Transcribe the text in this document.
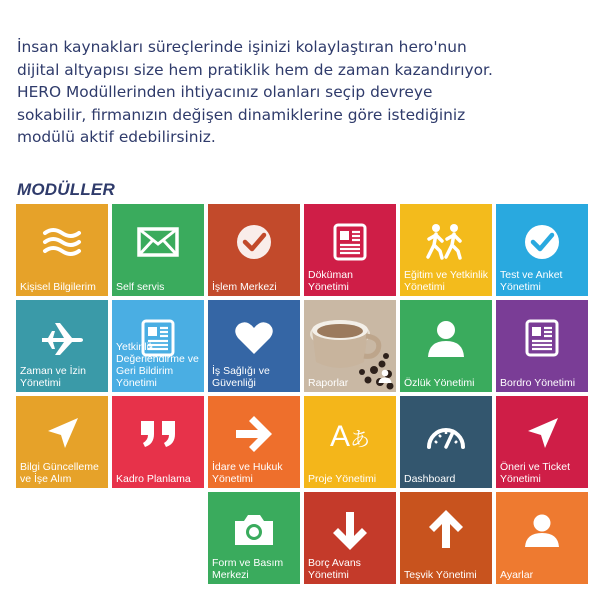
İnsan kaynakları süreçlerinde işinizi kolaylaştıran hero'nun
dijital altyapısı size hem pratiklik hem de zaman kazandırıyor.
HERO Modüllerinden ihtiyacınız olanları seçip devreye
sokabilir, firmanızın değişen dinamiklerine göre istediğiniz
modülü aktif edebilirsiniz.

MODÜLLER
Kişisel Bilgilerim	Self servis	İşlem Merkezi
Döküman Yönetimi
Eğitim ve Yetkinlik Yönetimi
Test ve Anket Yönetimi
Zaman ve İzin Yönetimi
Yetkinlik Değerlendirme ve Geri Bildirim Yönetimi
İş Sağlığı ve Güvenliği	Raporlar	Özlük Yönetimi	Bordro Yönetimi
Bilgi Güncelleme ve İşe Alım	Kadro Planlama
İdare ve Hukuk Yönetimi
A あ
Proje Yönetimi	Dashboard
Öneri ve Ticket Yönetimi
Form ve Basım Merkezi
Borç Avans Yönetimi	Teşvik Yönetimi	Ayarlar
